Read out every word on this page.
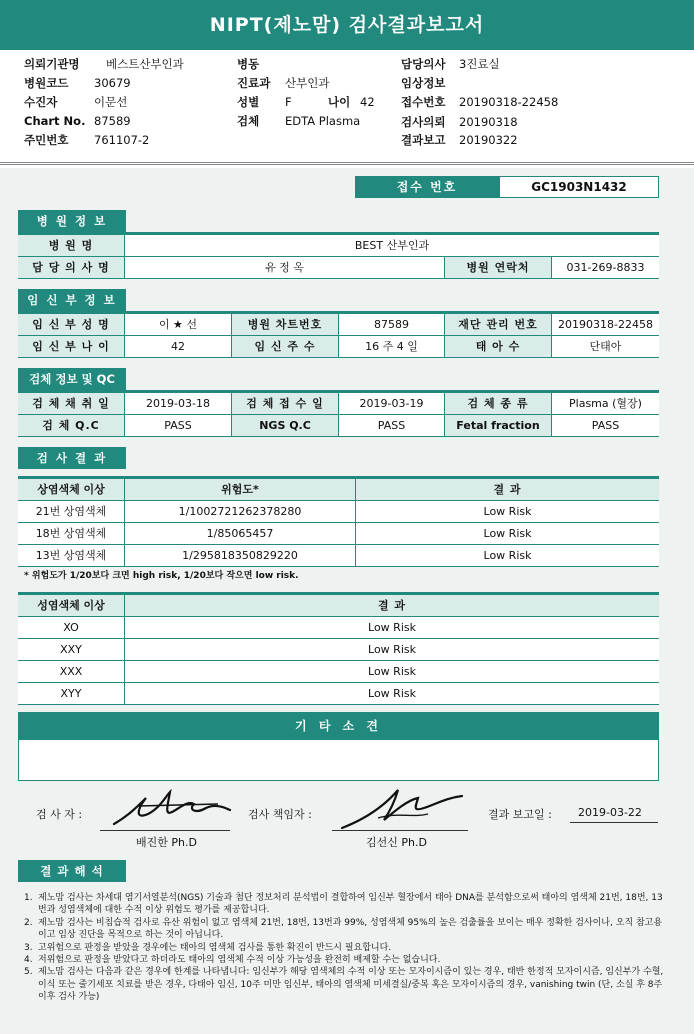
NIPT(제노맘) 검사결과보고서
의뢰기관명 베스트산부인과
병원코드 30679
수진자	이문선
Chart No. 87589
주민번호 761107-2
병동
진료과 산부인과
성별 F	나이 42
검체 EDTA Plasma
담당의사 3진료실
임상정보
접수번호 20190318-22458
검사의뢰 20190318
결과보고 20190322
접수 번호	GC1903N1432
병 원 정 보
병 원 명	BEST 산부인과
담 당 의 사 명	유 정 옥	병원 연락처	031-269-8833
임 신 부 정 보
임 신 부 성 명	이 ★ 선	병원 차트번호	87589	재단 관리 번호	20190318-22458
임 신 부 나 이	42	임 신 주 수	16 주 4 일	태 아 수	단태아
검체 정보 및 QC
검 체 채 취 일	2019-03-18	검 체 접 수 일	2019-03-19	검 체 종 류	Plasma (혈장)
검 체 Q.C	PASS	NGS Q.C	PASS	Fetal fraction	PASS
검 사 결 과
상염색체 이상	위험도*	결 과
21번 상염색체	1/1002721262378280	Low Risk
18번 상염색체	1/85065457	Low Risk
13번 상염색체	1/295818350829220	Low Risk
* 위험도가 1/20보다 크면 high risk, 1/20보다 작으면 low risk.
성염색체 이상	결 과
XO	Low Risk
XXY	Low Risk
XXX	Low Risk
XYY	Low Risk
기 타 소 견
검 사 자 :
배진한 Ph.D
검사 책임자 :
김선신 Ph.D
결과 보고일 : 2019-03-22
결 과 해 석
1. 제노맘 검사는 차세대 염기서열분석(NGS) 기술과 첨단 정보처리 분석법이 결합하여 임신부 혈장에서 태아 DNA를 분석함으로써 태아의 염색체 21번, 18번, 13번과 성염색체에 대한 수적 이상 위험도 평가를 제공합니다.
2. 제노맘 검사는 비침습적 검사로 유산 위험이 없고 염색체 21번, 18번, 13번과 99%, 성염색체 95%의 높은 검출률을 보이는 매우 정확한 검사이나, 오직 참고용이고 임상 진단을 목적으로 하는 것이 아닙니다.
3. 고위험으로 판정을 받았을 경우에는 태아의 염색체 검사를 통한 확진이 반드시 필요합니다.
4. 저위험으로 판정을 받았다고 하더라도 태아의 염색체 수적 이상 가능성을 완전히 배제할 수는 없습니다.
5. 제노맘 검사는 다음과 같은 경우에 한계를 나타냅니다: 임신부가 해당 염색체의 수적 이상 또는 모자이시즘이 있는 경우, 태반 한정적 모자이시즘, 임신부가 수혈, 이식 또는 줄기세포 치료를 받은 경우, 다태아 임신, 10주 미만 임신부, 태아의 염색체 미세결실/중복 혹은 모자이시즘의 경우, vanishing twin (단, 소실 후 8주 이후 검사 가능)
